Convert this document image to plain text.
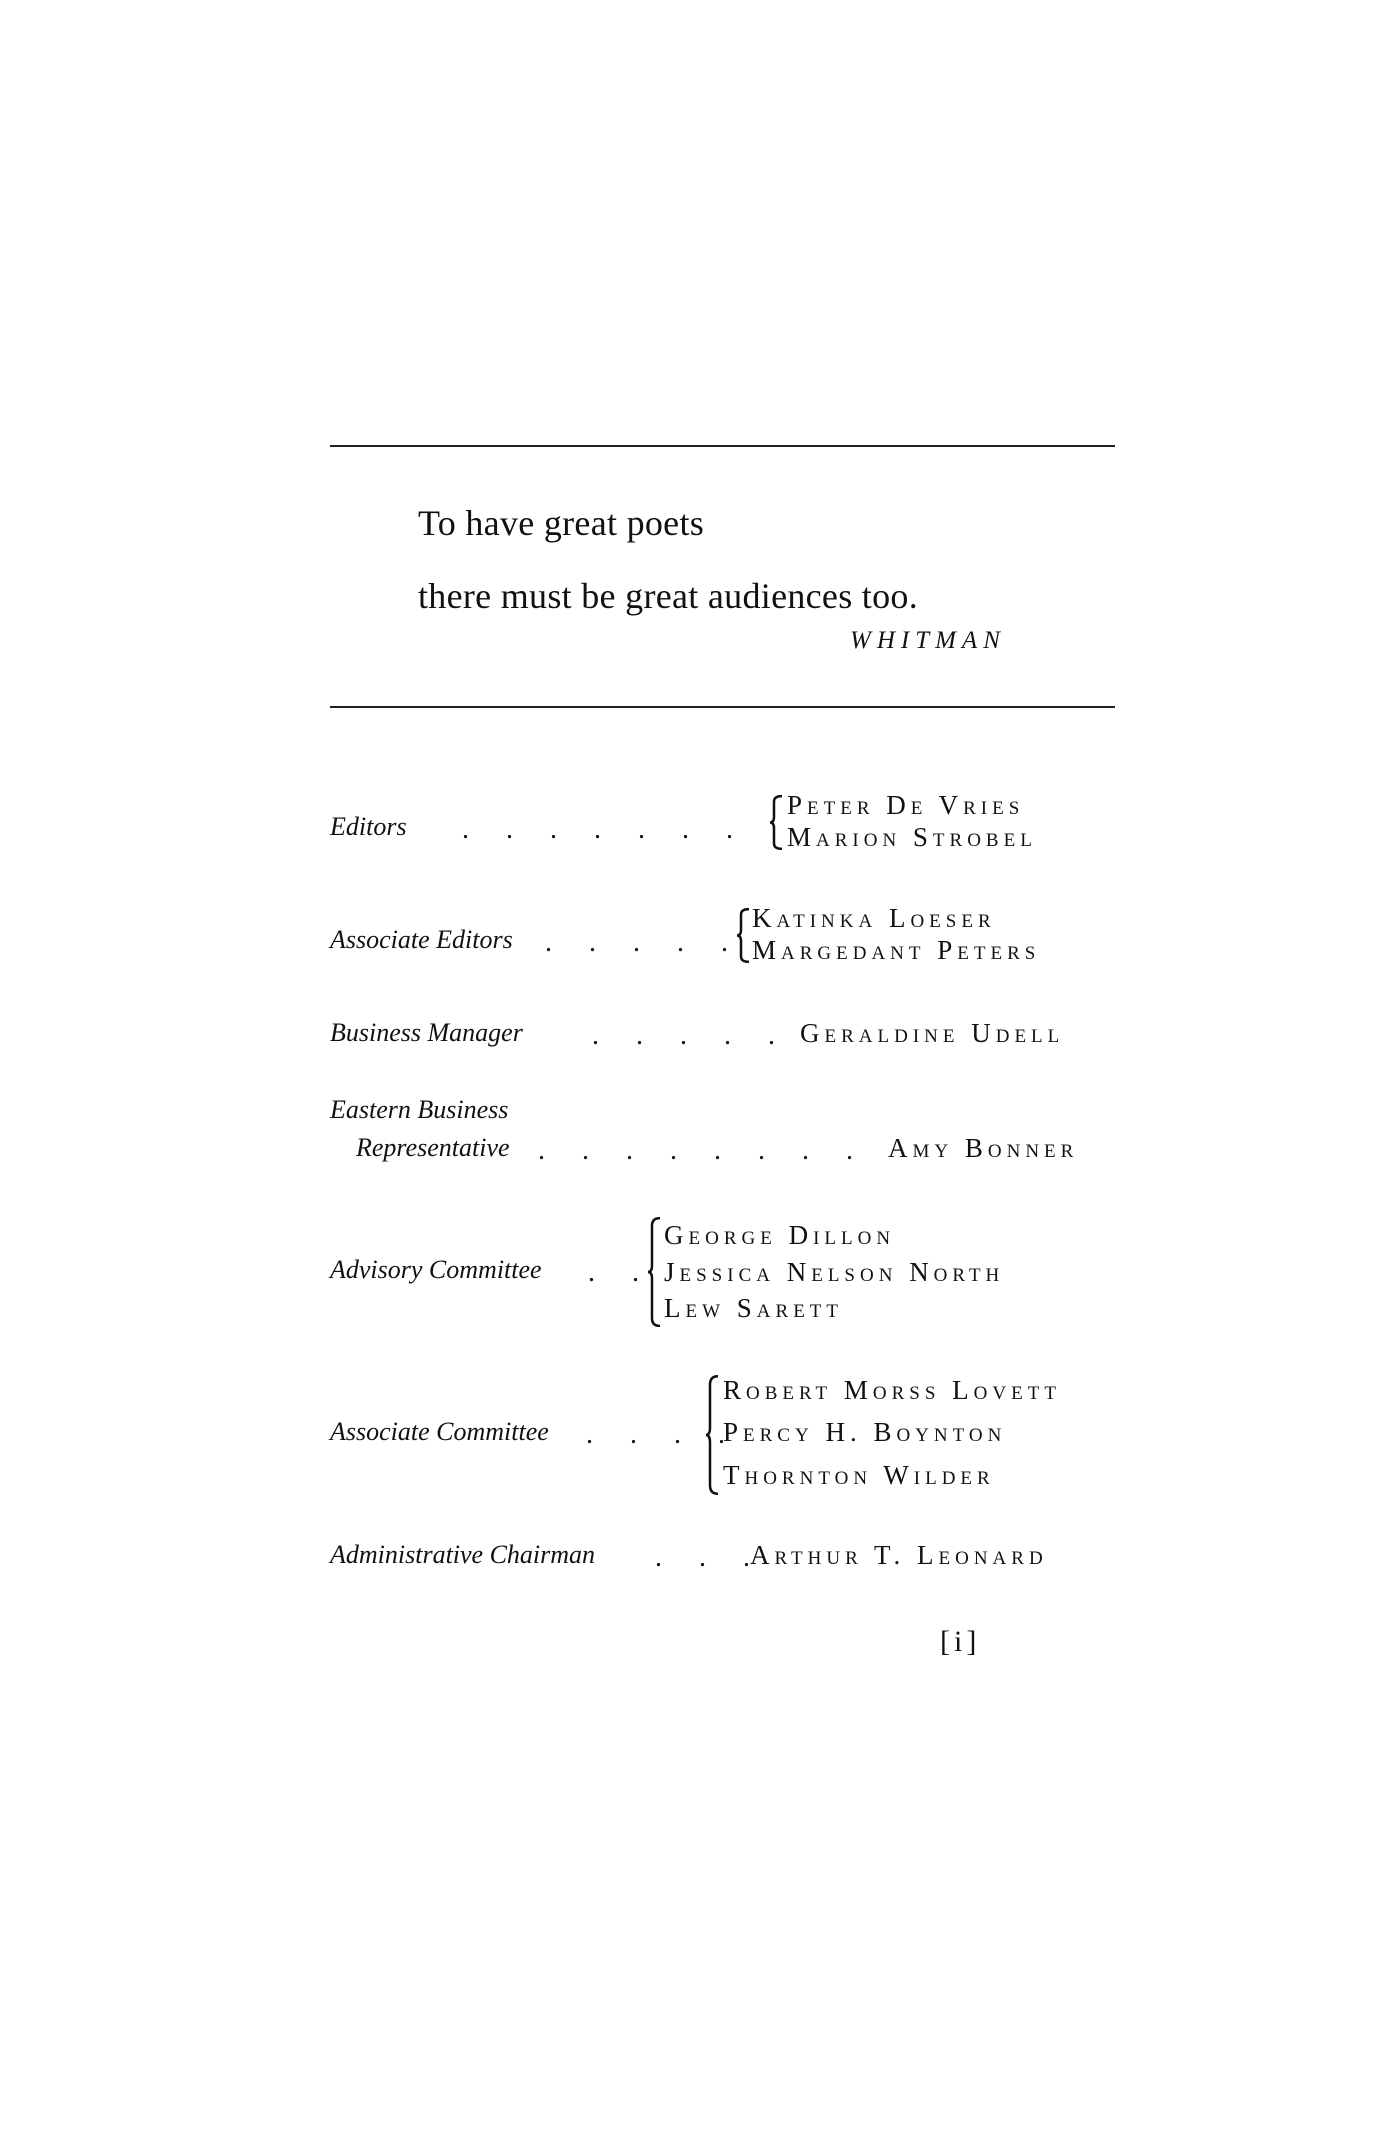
To have great poets
there must be great audiences too.
WHITMAN
Editors . . . . . . .
Peter De Vries
Marion Strobel
Associate Editors . . . . .
Katinka Loeser
Margedant Peters
Business Manager . . . . . Geraldine Udell
Eastern Business
Representative . . . . . . . . Amy Bonner
Advisory Committee . .
George Dillon
Jessica Nelson North
Lew Sarett
Associate Committee . . . .
Robert Morss Lovett
Percy H. Boynton
Thornton Wilder
Administrative Chairman . . .
Arthur T. Leonard
[i]
